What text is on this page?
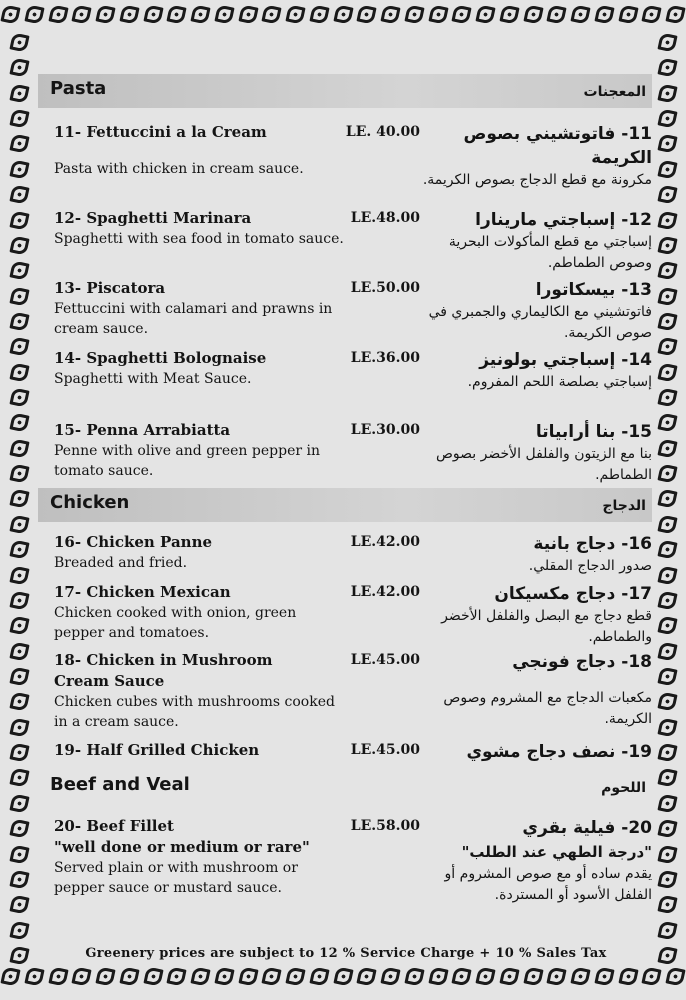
Pasta	المعجنات
11- Fettuccini a la Cream
Pasta with chicken in cream sauce.
LE. 40.00	11- فاتوتشيني بصوص الكريمة
مكرونة مع قطع الدجاج بصوص الكريمة.
12- Spaghetti Marinara
Spaghetti with sea food in tomato sauce.
LE.48.00	12- إسباجتي مارينارا
إسباجتي مع قطع المأكولات البحرية وصوص الطماطم.
13- Piscatora
Fettuccini with calamari and prawns in cream sauce.
LE.50.00	13- بيسكاتورا
فاتوتشيني مع الكاليماري والجمبري في صوص الكريمة.
14- Spaghetti Bolognaise
Spaghetti with Meat Sauce.
LE.36.00	14- إسباجتي بولونيز
إسباجتي بصلصة اللحم المفروم.
15- Penna Arrabiatta
Penne with olive and green pepper in tomato sauce.
LE.30.00	15- بنا أرابياتا
بنا مع الزيتون والفلفل الأخضر بصوص الطماطم.
Chicken	الدجاج
16- Chicken Panne
Breaded and fried.
LE.42.00	16- دجاج بانية
صدور الدجاج المقلي.
17- Chicken Mexican
Chicken cooked with onion, green pepper and tomatoes.
LE.42.00	17- دجاج مكسيكان
قطع دجاج مع البصل والفلفل الأخضر والطماطم.
18- Chicken in Mushroom Cream Sauce
Chicken cubes with mushrooms cooked in a cream sauce.
LE.45.00	18- دجاج فونجي
مكعبات الدجاج مع المشروم وصوص الكريمة.
19- Half Grilled Chicken	LE.45.00	19- نصف دجاج مشوي
Beef and Veal	اللحوم
20- Beef Fillet
"well done or medium or rare"
Served plain or with mushroom or pepper sauce or mustard sauce.
LE.58.00	20- فيلية بقري
"درجة الطهي عند الطلب"
يقدم ساده أو مع صوص المشروم أو الفلفل الأسود أو المستردة.
Greenery prices are subject to 12 % Service Charge + 10 % Sales Tax
